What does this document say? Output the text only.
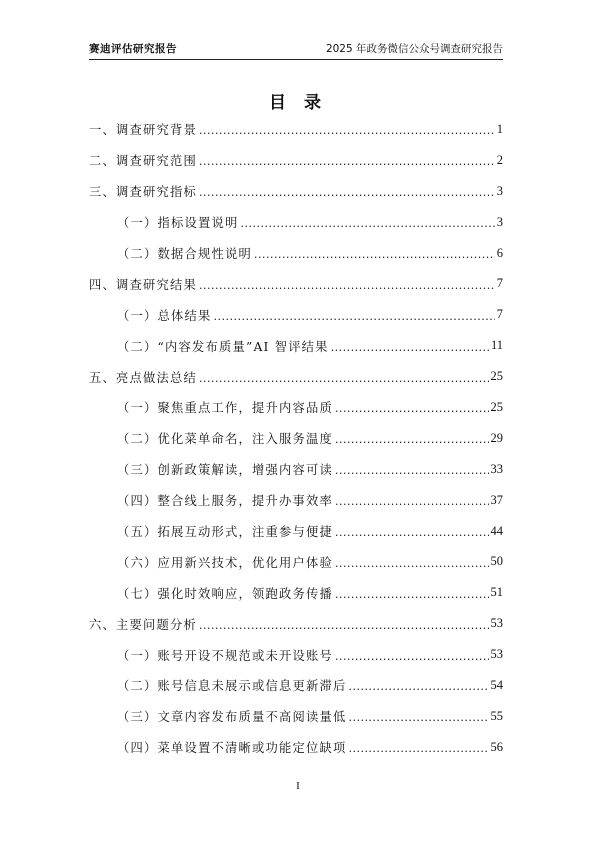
赛迪评估研究报告	2025 年政务微信公众号调查研究报告
目 录
一、调查研究背景 .....	1
二、调查研究范围 .....	2
三、调查研究指标 .....	3
（一）指标设置说明 .....	3
（二）数据合规性说明 .....	6
四、调查研究结果 .....	7
（一）总体结果 .....	7
（二）“内容发布质量”AI 智评结果 .....	11
五、亮点做法总结 .....	25
（一）聚焦重点工作，提升内容品质 .....	25
（二）优化菜单命名，注入服务温度 .....	29
（三）创新政策解读，增强内容可读 .....	33
（四）整合线上服务，提升办事效率 .....	37
（五）拓展互动形式，注重参与便捷 .....	44
（六）应用新兴技术，优化用户体验 .....	50
（七）强化时效响应，领跑政务传播 .....	51
六、主要问题分析 .....	53
（一）账号开设不规范或未开设账号 .....	53
（二）账号信息未展示或信息更新滞后 .....	54
（三）文章内容发布质量不高阅读量低 .....	55
（四）菜单设置不清晰或功能定位缺项 .....	56
I
